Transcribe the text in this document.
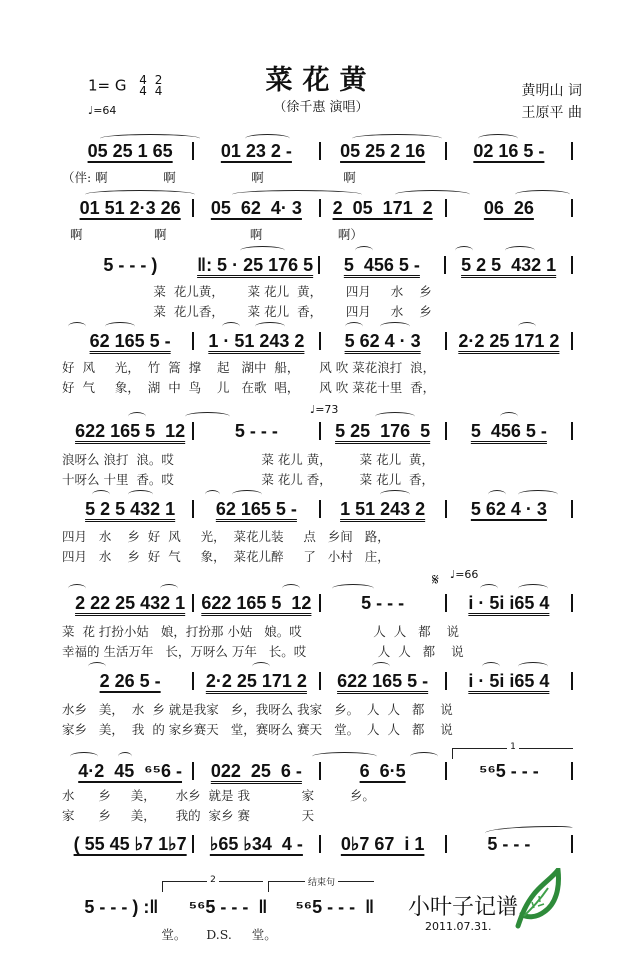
菜花黄
（徐千惠 演唱）
1= G 4
4

2
4
♩=64
黄明山 词
王原平 曲
05 25 1 65	01 23 2 -	05 25 2 16	02 16 5 -
（伴: 啊              啊                   啊                    啊
01 51 2·3 26	05  62  4· 3	2  05  171  2	06  26
啊                  啊                     啊                   啊）
5 - - - )	‖: 5 · 25 176 5	5  456 5 -	5 2 5  432 1
菜  花儿黄，      菜 花儿  黄，      四月     水    乡
菜  花儿香，      菜 花儿  香，      四月     水    乡
62 165 5 -	1 · 51 243 2	5 62 4 · 3	2·2 25 171 2
好  风     光，  竹  篙  撑    起   湖中  船，     风 吹 菜花浪打  浪，
好  气     象，  湖  中  鸟    儿   在歌  唱，     风 吹 菜花十里  香，
♩=73
622 165 5  12	5 - - -	5 25  176  5	5  456 5 -
浪呀么 浪打  浪。哎                      菜 花儿 黄，       菜 花儿  黄，
十呀么 十里  香。哎                      菜 花儿 香，       菜 花儿  香，
5 2 5 432 1	62 165 5 -	1 51 243 2	5 62 4 · 3
四月   水    乡  好  风     光，  菜花儿装     点   乡间   路，
四月   水    乡  好  气     象，  菜花儿醉     了   小村   庄，
𝄋 ♩=66
2 22 25 432 1 622 165 5  12	5 - - -	i · 5i i65 4
菜  花 打扮小姑   娘，打扮那 小姑   娘。哎                  人  人   都    说
幸福的 生活万年   长，万呀么 万年   长。哎                  人  人   都    说
2 26 5 -	2·2 25 171 2	622 165 5 -	i · 5i i65 4
水乡   美，  水  乡 就是我家   乡，我呀么 我家   乡。  人  人   都    说
家乡   美，  我  的 家乡赛天   堂，赛呀么 赛天   堂。  人  人   都    说
1
4·2  45  ⁶⁵6 -	022  25  6 -	6  6·5	⁵⁶5 - - -
水      乡     美，     水乡  就是 我             家         乡。
家      乡     美，     我的  家乡 赛             天
( 55 45 ♭7 1♭7	♭65 ♭34  4 -	0♭7 67  i 1	5 - - -
2	结束句
5 - - - ) :‖	⁵⁶5 - - -  ‖	⁵⁶5 - - -  ‖
堂。     D.S.     堂。
小叶子记谱
2011.07.31.
